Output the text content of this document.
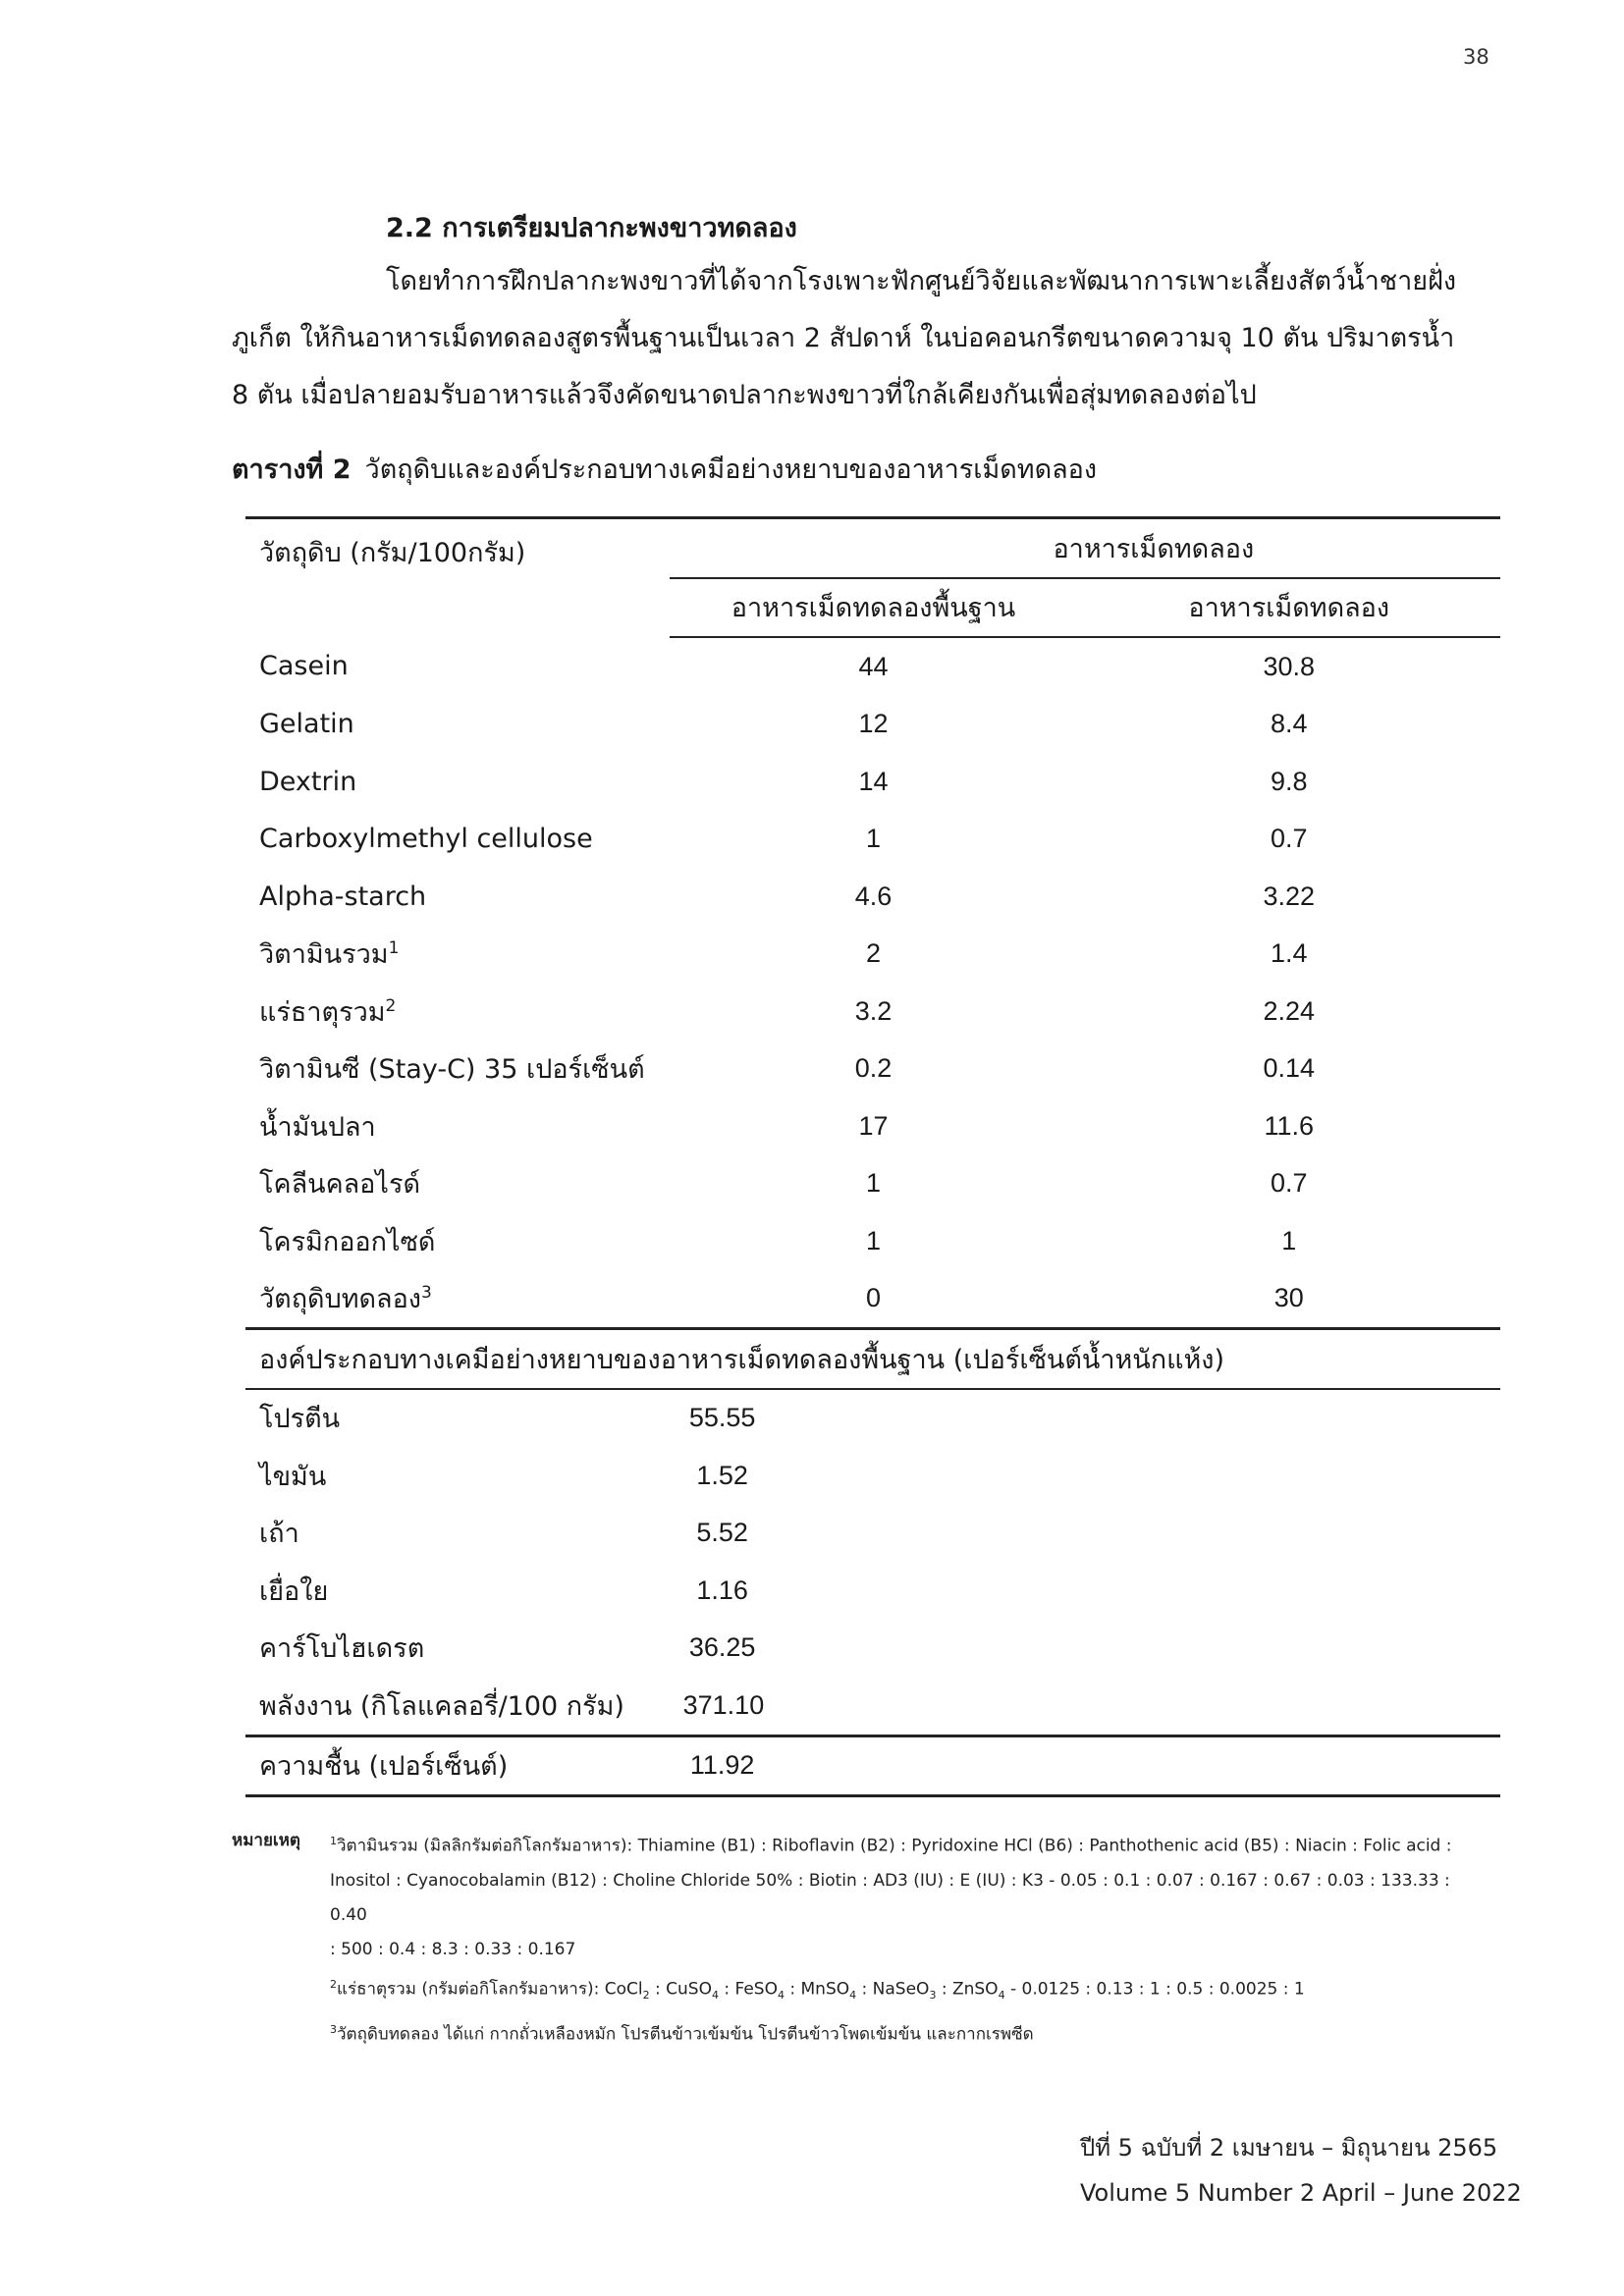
38
2.2 การเตรียมปลากะพงขาวทดลอง
โดยทำการฝึกปลากะพงขาวที่ได้จากโรงเพาะฟักศูนย์วิจัยและพัฒนาการเพาะเลี้ยงสัตว์น้ำชายฝั่งภูเก็ต ให้กินอาหารเม็ดทดลองสูตรพื้นฐานเป็นเวลา 2 สัปดาห์ ในบ่อคอนกรีตขนาดความจุ 10 ตัน ปริมาตรน้ำ 8 ตัน เมื่อปลายอมรับอาหารแล้วจึงคัดขนาดปลากะพงขาวที่ใกล้เคียงกันเพื่อสุ่มทดลองต่อไป
ตารางที่ 2 วัตถุดิบและองค์ประกอบทางเคมีอย่างหยาบของอาหารเม็ดทดลอง
วัตถุดิบ (กรัม/100กรัม)	อาหารเม็ดทดลอง	
	อาหารเม็ดทดลองพื้นฐาน	อาหารเม็ดทดลอง
Casein	44	30.8
Gelatin	12	8.4
Dextrin	14	9.8
Carboxylmethyl cellulose	1	0.7
Alpha-starch	4.6	3.22
วิตามินรวม$^1$	2	1.4
แร่ธาตุรวม$^2$	3.2	2.24
วิตามินซี (Stay-C) 35 เปอร์เซ็นต์	0.2	0.14
น้ำมันปลา	17	11.6
โคลีนคลอไรด์	1	0.7
โครมิกออกไซด์	1	1
วัตถุดิบทดลอง$^3$	0	30
องค์ประกอบทางเคมีอย่างหยาบของอาหารเม็ดทดลองพื้นฐาน (เปอร์เซ็นต์น้ำหนักแห้ง)		
โปรตีน	55.55	
ไขมัน	1.52	
เถ้า	5.52	
เยื่อใย	1.16	
คาร์โบไฮเดรต	36.25	
พลังงาน (กิโลแคลอรี่/100 กรัม)	371.10	
ความชื้น (เปอร์เซ็นต์)	11.92	
หมายเหตุ	$^1$วิตามินรวม (มิลลิกรัมต่อกิโลกรัมอาหาร): Thiamine (B1) : Riboflavin (B2) : Pyridoxine HCl (B6) : Panthothenic acid (B5) : Niacin : Folic acid :
Inositol : Cyanocobalamin (B12) : Choline Chloride 50% : Biotin : AD3 (IU) : E (IU) : K3 - 0.05 : 0.1 : 0.07 : 0.167 : 0.67 : 0.03 : 133.33 : 0.40
: 500 : 0.4 : 8.3 : 0.33 : 0.167
$^2$แร่ธาตุรวม (กรัมต่อกิโลกรัมอาหาร): CoCl$_2$ : CuSO$_4$ : FeSO$_4$ : MnSO$_4$ : NaSeO$_3$ : ZnSO$_4$ - 0.0125 : 0.13 : 1 : 0.5 : 0.0025 : 1
$^3$วัตถุดิบทดลอง ได้แก่ กากถั่วเหลืองหมัก โปรตีนข้าวเข้มข้น โปรตีนข้าวโพดเข้มข้น และกากเรพซีด
ปีที่ 5 ฉบับที่ 2 เมษายน – มิถุนายน 2565
Volume 5 Number 2 April – June 2022
